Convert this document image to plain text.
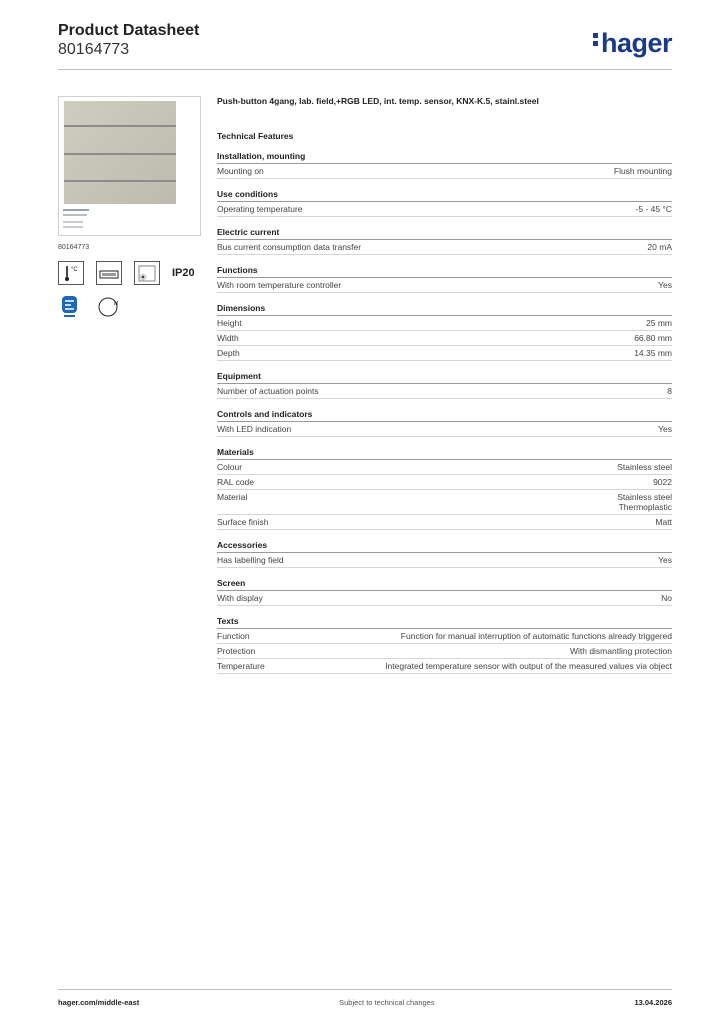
Product Datasheet
80164773	hager
80164773
°C	IP20
M
Push-button 4gang, lab. field,+RGB LED, int. temp. sensor, KNX-K.5, stainl.steel
Technical Features
Installation, mounting
Mounting on	Flush mounting
Use conditions
Operating temperature	-5 - 45 °C
Electric current
Bus current consumption data transfer	20 mA
Functions
With room temperature controller	Yes
Dimensions
Height	25 mm
Width	66.80 mm
Depth	14.35 mm
Equipment
Number of actuation points	8
Controls and indicators
With LED indication	Yes
Materials
Colour	Stainless steel
RAL code	9022
Material	Stainless steel
Thermoplastic
Surface finish	Matt
Accessories
Has labelling field	Yes
Screen
With display	No
Texts
Function	Function for manual interruption of automatic functions already triggered
Protection	With dismantling protection
Temperature	Integrated temperature sensor with output of the measured values via object
hager.com/middle-east	Subject to technical changes	13.04.2026
